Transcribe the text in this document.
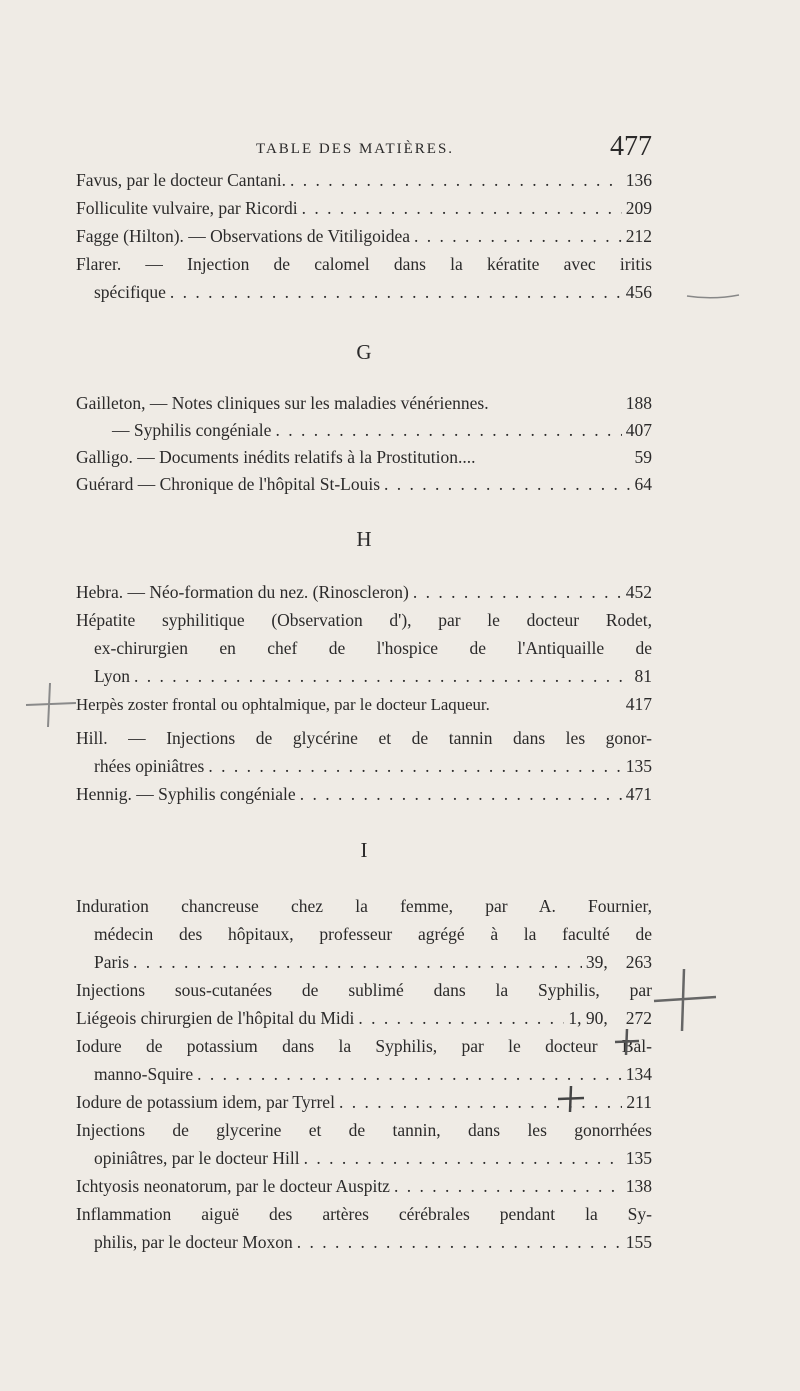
TABLE DES MATIÈRES.	477
Favus, par le docteur Cantani. . . .	136
Folliculite vulvaire, par Ricordi . . .	209
Fagge (Hilton). — Observations de Vitiligoidea . . .	212
Flarer. — Injection de calomel dans la kératite avec iritis
spécifique . . .	456
G
Gailleton, — Notes cliniques sur les maladies vénériennes.	188
— Syphilis congéniale . . .	407
Galligo. — Documents inédits relatifs à la Prostitution....	59
Guérard — Chronique de l'hôpital St-Louis . . .	64
H
Hebra. — Néo-formation du nez. (Rinoscleron) . . .	452
Hépatite syphilitique (Observation d'), par le docteur Rodet,
ex-chirurgien en chef de l'hospice de l'Antiquaille de
Lyon . . .	81
Herpès zoster frontal ou ophtalmique, par le docteur Laqueur.	417
Hill. — Injections de glycérine et de tannin dans les gonor-
rhées opiniâtres . . .	135
Hennig. — Syphilis congéniale . . .	471
I
Induration chancreuse chez la femme, par A. Fournier,
médecin des hôpitaux, professeur agrégé à la faculté de
Paris . . .	39, 263
Injections sous-cutanées de sublimé dans la Syphilis, par
Liégeois chirurgien de l'hôpital du Midi . . .	1, 90, 272
Iodure de potassium dans la Syphilis, par le docteur Bal-
manno-Squire . . .	134
Iodure de potassium idem, par Tyrrel . . .	211
Injections de glycerine et de tannin, dans les gonorrhées
opiniâtres, par le docteur Hill . . .	135
Ichtyosis neonatorum, par le docteur Auspitz . . .	138
Inflammation aiguë des artères cérébrales pendant la Sy-
philis, par le docteur Moxon . . .	155
